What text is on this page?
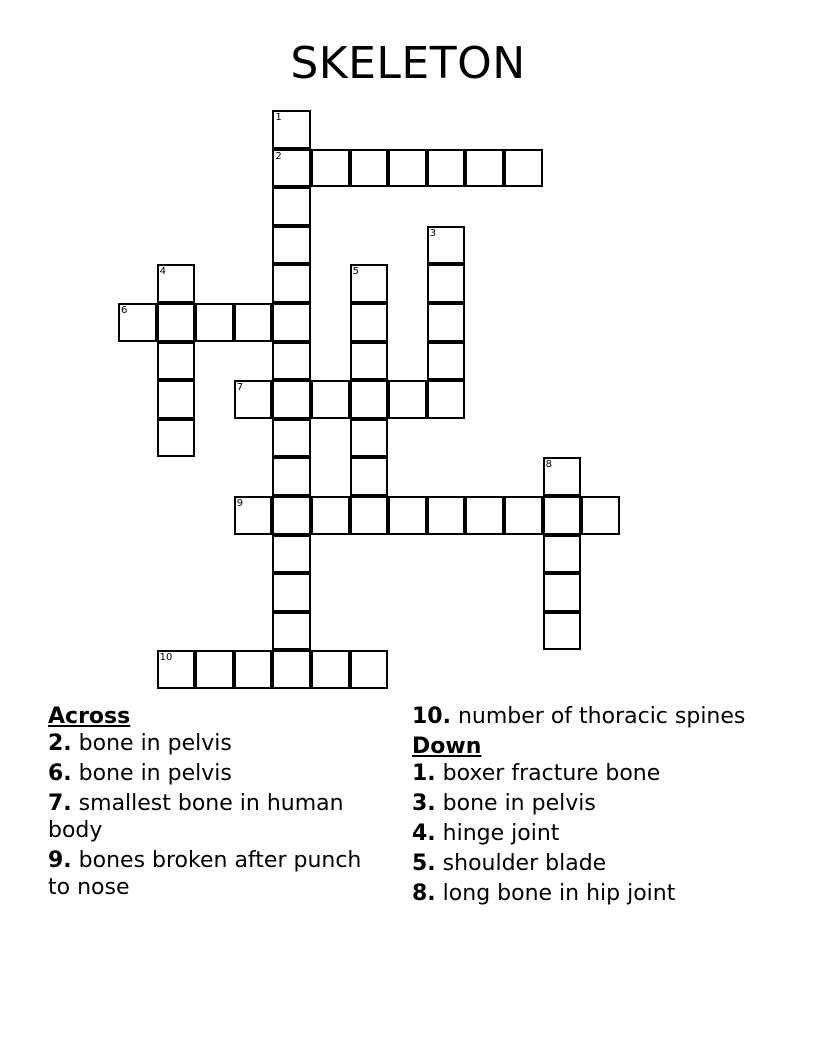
SKELETON
1
2
3
4	5
6
7
8
9
10

Across

2. bone in pelvis

6. bone in pelvis

7. smallest bone in human body

9. bones broken after punch to nose

10. number of thoracic spines

Down

1. boxer fracture bone

3. bone in pelvis

4. hinge joint

5. shoulder blade

8. long bone in hip joint
